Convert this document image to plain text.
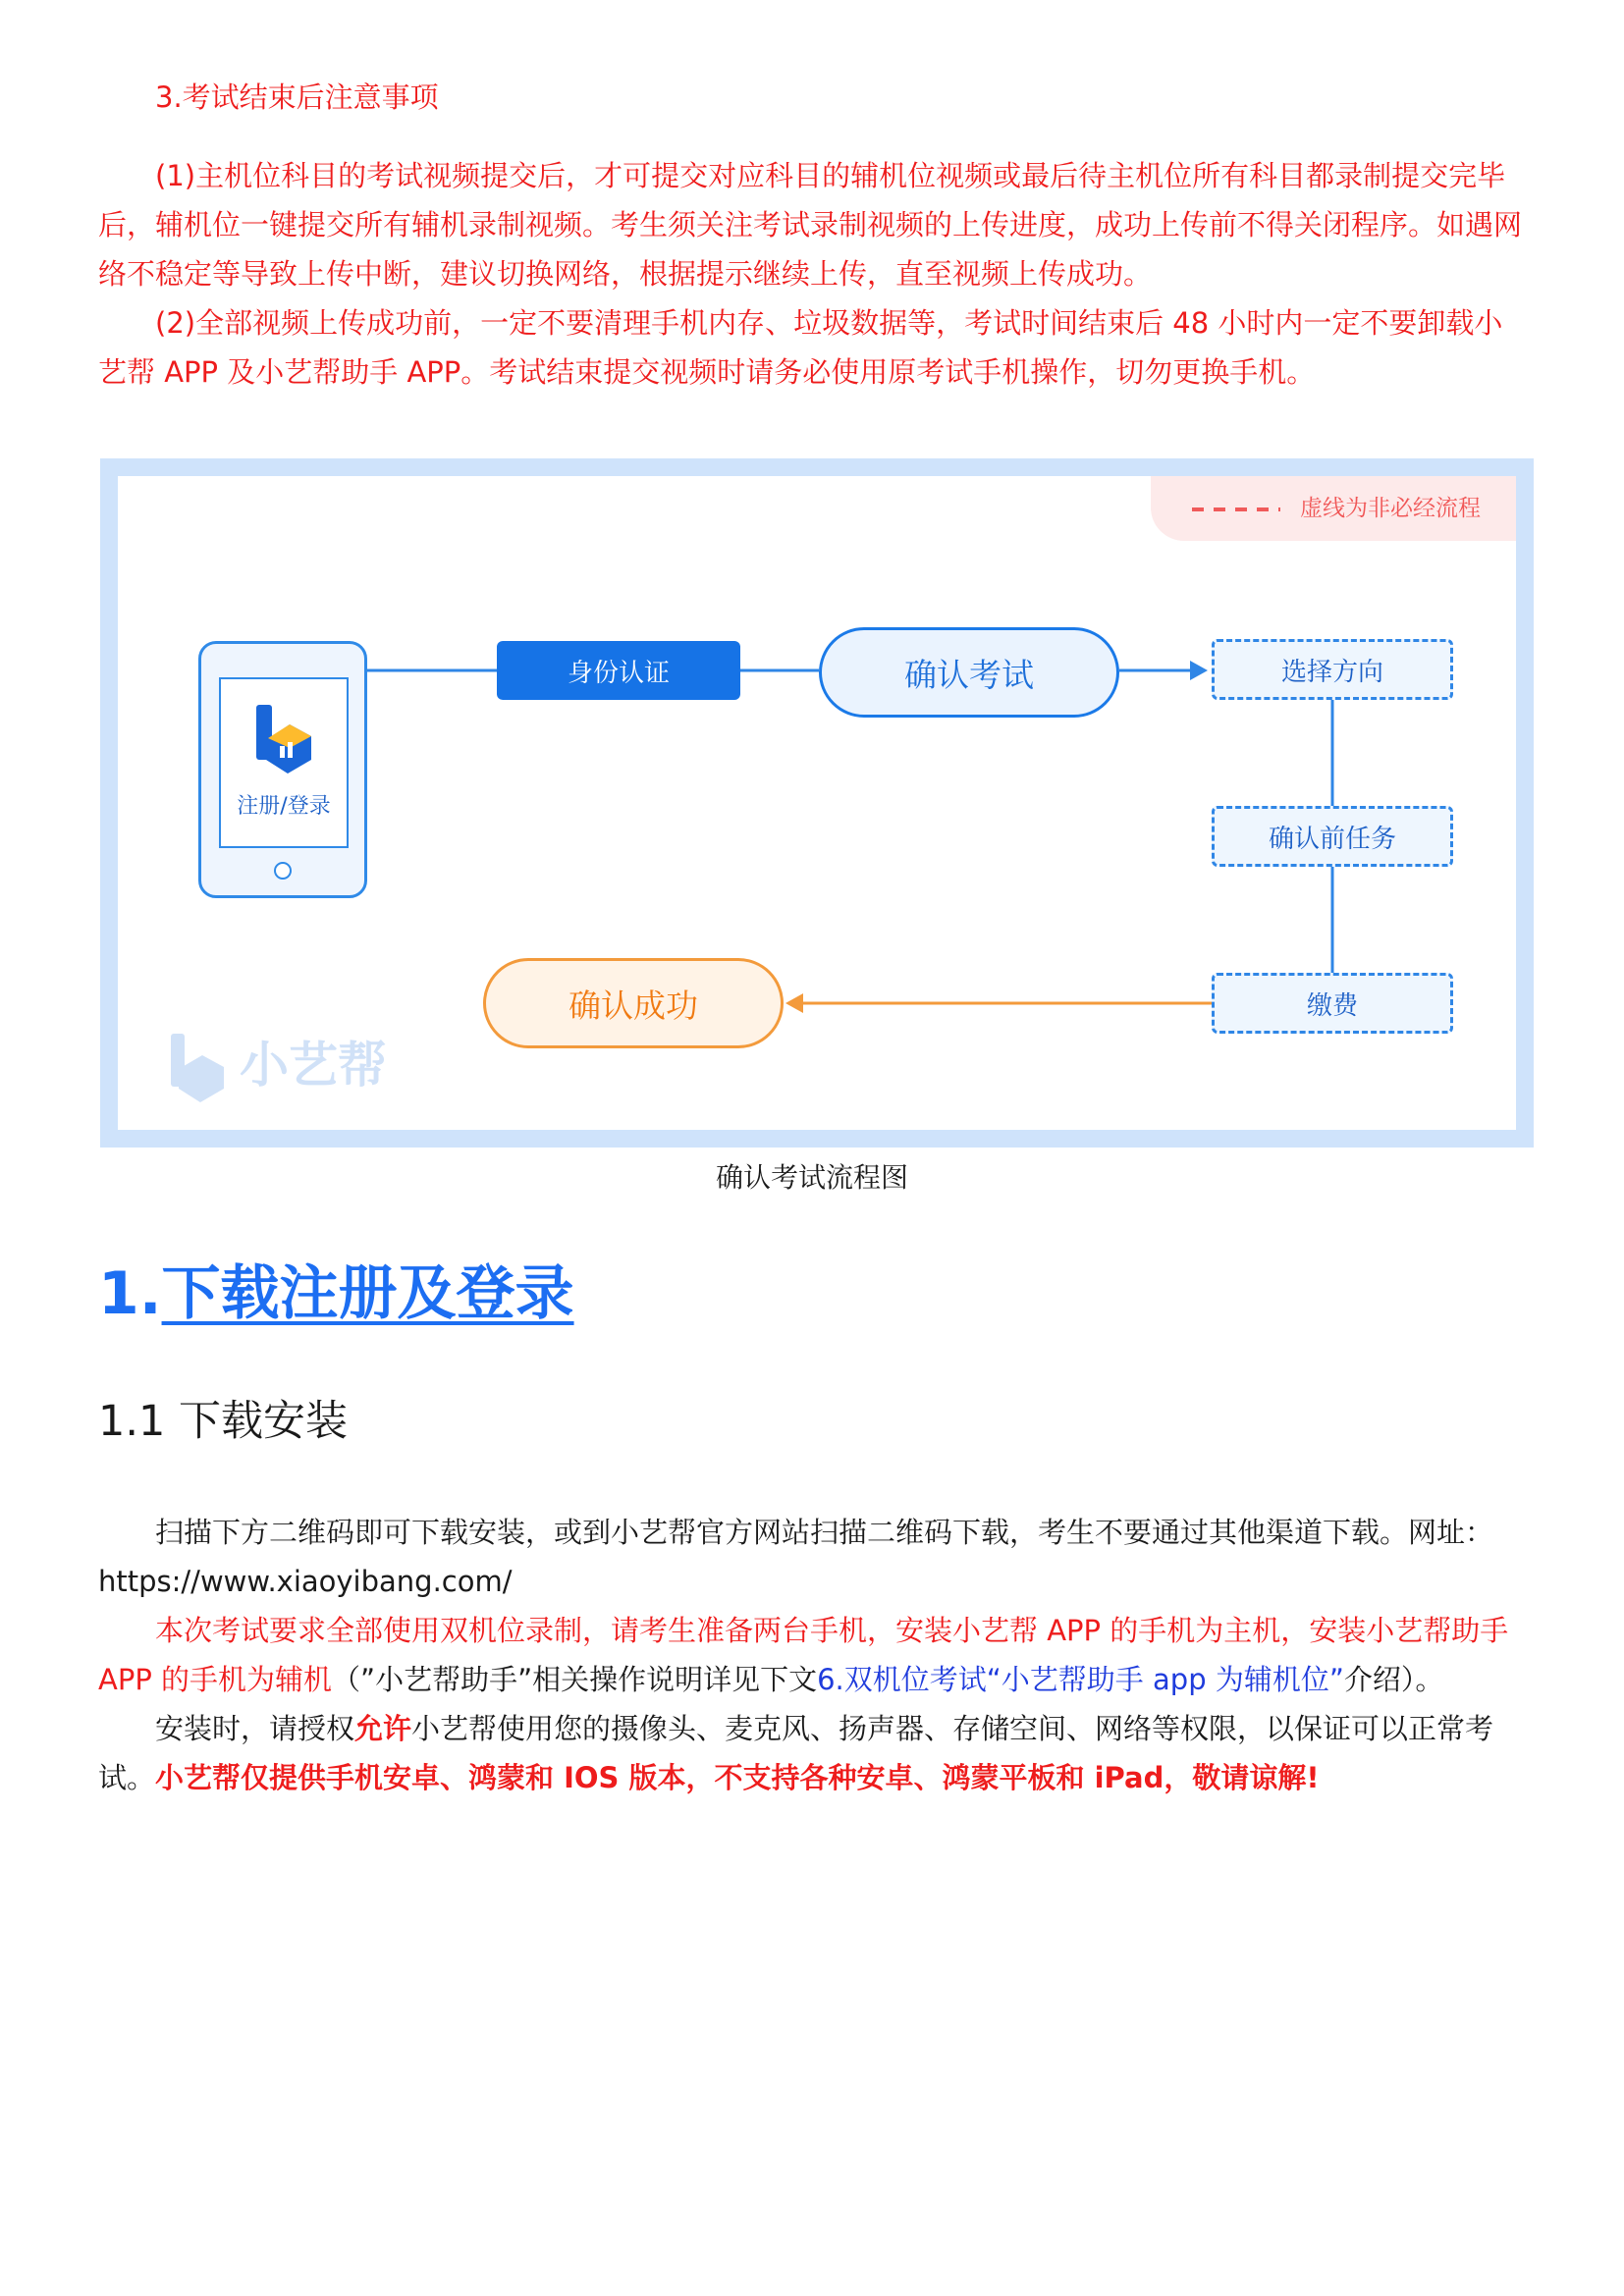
3.考试结束后注意事项

(1)主机位科目的考试视频提交后，才可提交对应科目的辅机位视频或最后待主机位所有科目都录制提交完毕后，辅机位一键提交所有辅机录制视频。考生须关注考试录制视频的上传进度，成功上传前不得关闭程序。如遇网络不稳定等导致上传中断，建议切换网络，根据提示继续上传，直至视频上传成功。

(2)全部视频上传成功前，一定不要清理手机内存、垃圾数据等，考试时间结束后 48 小时内一定不要卸载小艺帮 APP 及小艺帮助手 APP。考试结束提交视频时请务必使用原考试手机操作，切勿更换手机。

虚线为非必经流程
注册/登录
身份认证	确认考试	选择方向
确认前任务
缴费
确认成功
小艺帮
确认考试流程图
1.下载注册及登录
1.1 下载安装

扫描下方二维码即可下载安装，或到小艺帮官方网站扫描二维码下载，考生不要通过其他渠道下载。网址：https://www.xiaoyibang.com/

本次考试要求全部使用双机位录制，请考生准备两台手机，安装小艺帮 APP 的手机为主机，安装小艺帮助手 APP 的手机为辅机（”小艺帮助手”相关操作说明详见下文6.双机位考试“小艺帮助手 app 为辅机位”介绍）。

安装时，请授权允许小艺帮使用您的摄像头、麦克风、扬声器、存储空间、网络等权限，以保证可以正常考试。 小艺帮仅提供手机安卓、鸿蒙和 IOS 版本，不支持各种安卓、鸿蒙平板和 iPad，敬请谅解!
